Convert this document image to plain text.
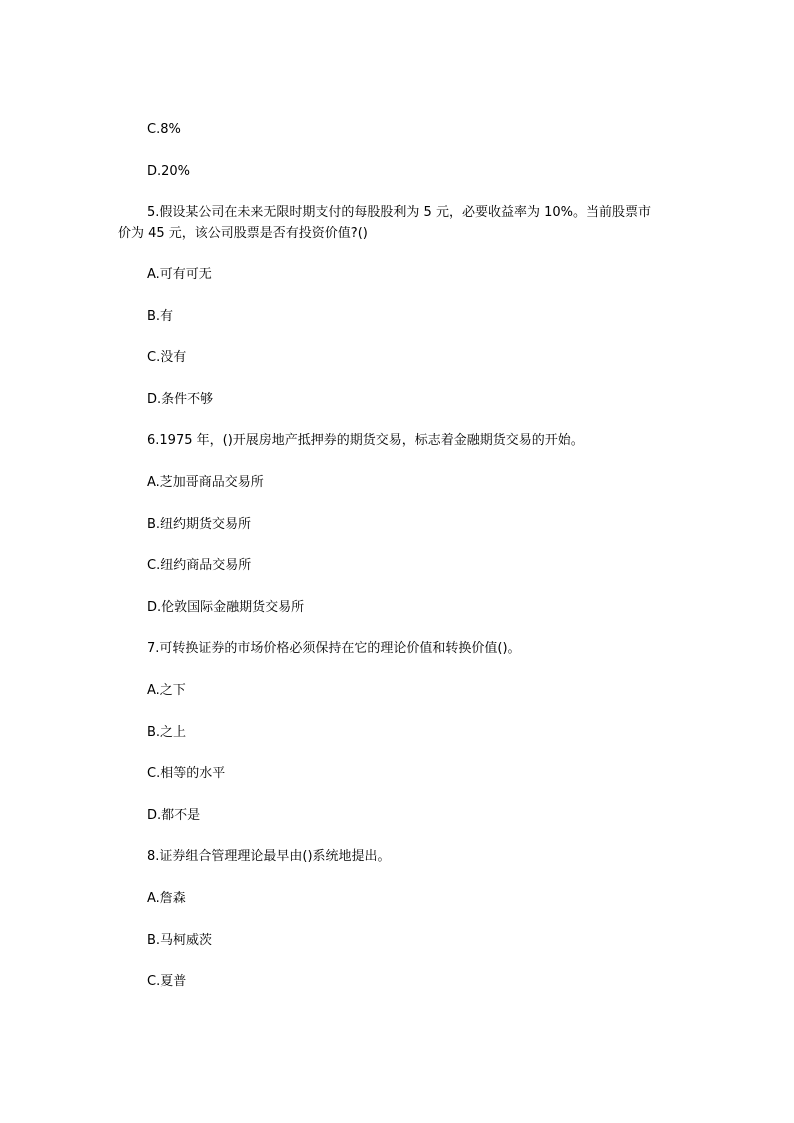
C.8%
D.20%
5.假设某公司在未来无限时期支付的每股股利为 5 元，必要收益率为 10%。当前股票市价为 45 元，该公司股票是否有投资价值?()
A.可有可无
B.有
C.没有
D.条件不够
6.1975 年，()开展房地产抵押券的期货交易，标志着金融期货交易的开始。
A.芝加哥商品交易所
B.纽约期货交易所
C.纽约商品交易所
D.伦敦国际金融期货交易所
7.可转换证券的市场价格必须保持在它的理论价值和转换价值()。
A.之下
B.之上
C.相等的水平
D.都不是
8.证券组合管理理论最早由()系统地提出。
A.詹森
B.马柯威茨
C.夏普
